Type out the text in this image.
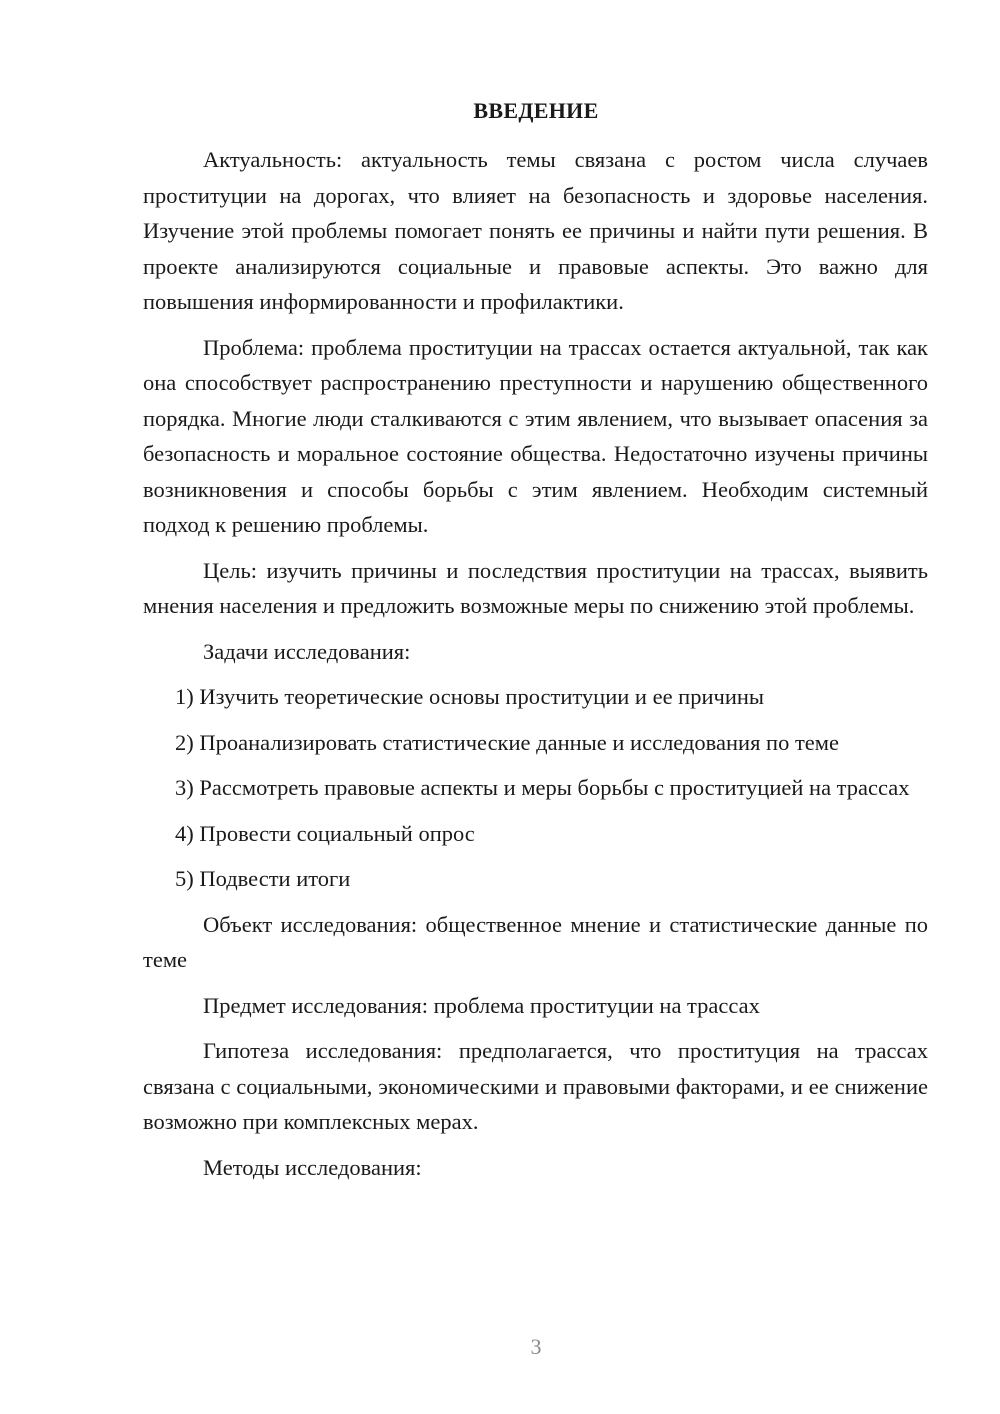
ВВЕДЕНИЕ

Актуальность: актуальность темы связана с ростом числа случаев проституции на дорогах, что влияет на безопасность и здоровье населения. Изучение этой проблемы помогает понять ее причины и найти пути решения. В проекте анализируются социальные и правовые аспекты. Это важно для повышения информированности и профилактики.

Проблема: проблема проституции на трассах остается актуальной, так как она способствует распространению преступности и нарушению общественного порядка. Многие люди сталкиваются с этим явлением, что вызывает опасения за безопасность и моральное состояние общества. Недостаточно изучены причины возникновения и способы борьбы с этим явлением. Необходим системный подход к решению проблемы.

Цель: изучить причины и последствия проституции на трассах, выявить мнения населения и предложить возможные меры по снижению этой проблемы.

Задачи исследования:

1) Изучить теоретические основы проституции и ее причины

2) Проанализировать статистические данные и исследования по теме

3) Рассмотреть правовые аспекты и меры борьбы с проституцией на трассах

4) Провести социальный опрос

5) Подвести итоги

Объект исследования: общественное мнение и статистические данные по теме

Предмет исследования: проблема проституции на трассах

Гипотеза исследования: предполагается, что проституция на трассах связана с социальными, экономическими и правовыми факторами, и ее снижение возможно при комплексных мерах.

Методы исследования:

3
